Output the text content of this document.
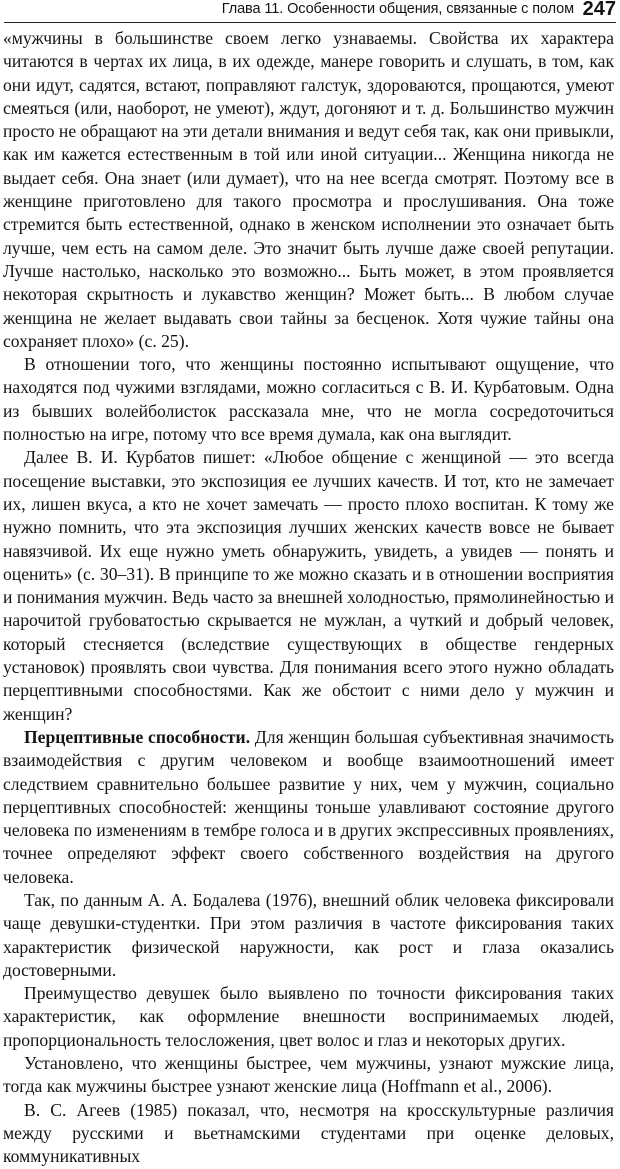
Глава 11. Особенности общения, связанные с полом 247

«мужчины в большинстве своем легко узнаваемы. Свойства их характера читаются в чертах их лица, в их одежде, манере говорить и слушать, в том, как они идут, садятся, встают, поправляют галстук, здороваются, прощаются, умеют смеяться (или, наоборот, не умеют), ждут, догоняют и т. д. Большинство мужчин просто не обращают на эти детали внимания и ведут себя так, как они привыкли, как им кажется естественным в той или иной ситуации... Женщина никогда не выдает себя. Она знает (или думает), что на нее всегда смотрят. Поэтому все в женщине приготовлено для такого просмотра и прослушивания. Она тоже стремится быть естественной, однако в женском исполнении это означает быть лучше, чем есть на самом деле. Это значит быть лучше даже своей репутации. Лучше настолько, насколько это возможно... Быть может, в этом проявляется некоторая скрытность и лукавство женщин? Может быть... В любом случае женщина не желает выдавать свои тайны за бесценок. Хотя чужие тайны она сохраняет плохо» (с. 25).

В отношении того, что женщины постоянно испытывают ощущение, что находятся под чужими взглядами, можно согласиться с В. И. Курбатовым. Одна из бывших волейболисток рассказала мне, что не могла сосредоточиться полностью на игре, потому что все время думала, как она выглядит.

Далее В. И. Курбатов пишет: «Любое общение с женщиной — это всегда посещение выставки, это экспозиция ее лучших качеств. И тот, кто не замечает их, лишен вкуса, а кто не хочет замечать — просто плохо воспитан. К тому же нужно помнить, что эта экспозиция лучших женских качеств вовсе не бывает навязчивой. Их еще нужно уметь обнаружить, увидеть, а увидев — понять и оценить» (с. 30–31). В принципе то же можно сказать и в отношении восприятия и понимания мужчин. Ведь часто за внешней холодностью, прямолинейностью и нарочитой грубоватостью скрывается не мужлан, а чуткий и добрый человек, который стесняется (вследствие существующих в обществе гендерных установок) проявлять свои чувства. Для понимания всего этого нужно обладать перцептивными способностями. Как же обстоит с ними дело у мужчин и женщин?

Перцептивные способности. Для женщин большая субъективная значимость взаимодействия с другим человеком и вообще взаимоотношений имеет следствием сравнительно большее развитие у них, чем у мужчин, социально перцептивных способностей: женщины тоньше улавливают состояние другого человека по изменениям в тембре голоса и в других экспрессивных проявлениях, точнее определяют эффект своего собственного воздействия на другого человека.

Так, по данным А. А. Бодалева (1976), внешний облик человека фиксировали чаще девушки-студентки. При этом различия в частоте фиксирования таких характеристик физической наружности, как рост и глаза оказались достоверными.

Преимущество девушек было выявлено по точности фиксирования таких характеристик, как оформление внешности воспринимаемых людей, пропорциональность телосложения, цвет волос и глаз и некоторых других.

Установлено, что женщины быстрее, чем мужчины, узнают мужские лица, тогда как мужчины быстрее узнают женские лица (Hoffmann et al., 2006).

В. С. Агеев (1985) показал, что, несмотря на кросскультурные различия между русскими и вьетнамскими студентами при оценке деловых, коммуникативных
